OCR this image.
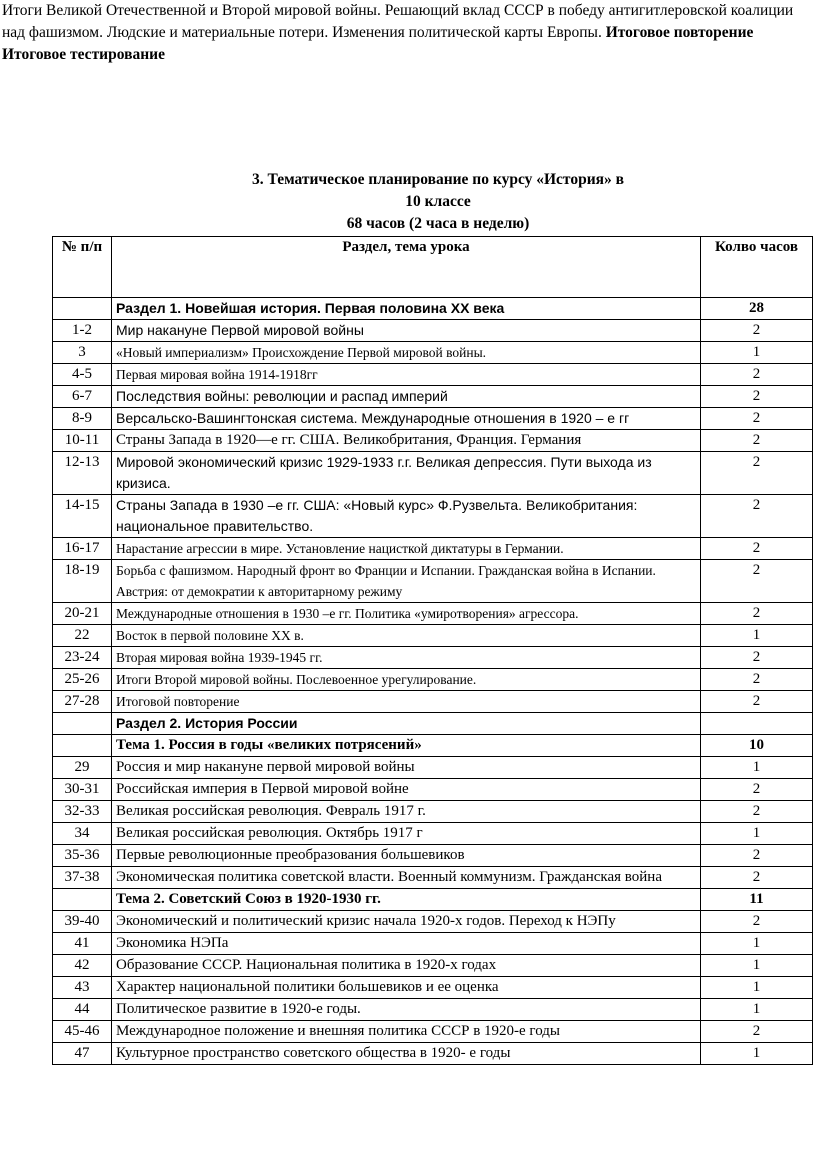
Итоги Великой Отечественной и Второй мировой войны. Решающий вклад СССР в победу антигитлеровской коалиции над фашизмом. Людские и материальные потери. Изменения политической карты Европы. Итоговое повторение
Итоговое тестирование
3. Тематическое планирование по курсу «История» в
10 классе
68 часов (2 часа в неделю)
№ п/п	Раздел, тема урока	Колво часов
	Раздел 1. Новейшая история. Первая половина XX века	28
1-2	Мир накануне Первой мировой войны	2
3	«Новый империализм» Происхождение Первой мировой войны.	1
4-5	Первая мировая война 1914-1918гг	2
6-7	Последствия войны: революции и распад империй	2
8-9	Версальско-Вашингтонская система. Международные отношения в 1920 – е гг	2
10-11	Страны Запада в 1920—е гг. США. Великобритания, Франция. Германия	2
12-13	Мировой экономический кризис 1929-1933 г.г. Великая депрессия. Пути выхода из кризиса.	2
14-15	Страны Запада в 1930 –е гг. США: «Новый курс» Ф.Рузвельта. Великобритания: национальное правительство.	2
16-17	Нарастание агрессии в мире. Установление нацисткой диктатуры в Германии.	2
18-19	Борьба с фашизмом. Народный фронт во Франции и Испании. Гражданская война в Испании. Австрия: от демократии к авторитарному режиму	2
20-21	Международные отношения в 1930 –е гг. Политика «умиротворения» агрессора.	2
22	Восток в первой половине XX в.	1
23-24	Вторая мировая война 1939-1945 гг.	2
25-26	Итоги Второй мировой войны. Послевоенное урегулирование.	2
27-28	Итоговой повторение	2
	Раздел 2. История России	
	Тема 1. Россия в годы «великих потрясений»	10
29	Россия и мир накануне первой мировой войны	1
30-31	Российская империя в Первой мировой войне	2
32-33	Великая российская революция. Февраль 1917 г.	2
34	Великая российская революция. Октябрь 1917 г	1
35-36	Первые революционные преобразования большевиков	2
37-38	Экономическая политика советской власти. Военный коммунизм. Гражданская война	2
	Тема 2. Советский Союз в 1920-1930 гг.	11
39-40	Экономический и политический кризис начала 1920-х годов. Переход к НЭПу	2
41	Экономика НЭПа	1
42	Образование СССР. Национальная политика в 1920-х годах	1
43	Характер национальной политики большевиков и ее оценка	1
44	Политическое развитие в 1920-е годы.	1
45-46	Международное положение и внешняя политика СССР в 1920-е годы	2
47	Культурное пространство советского общества в 1920- е годы	1
